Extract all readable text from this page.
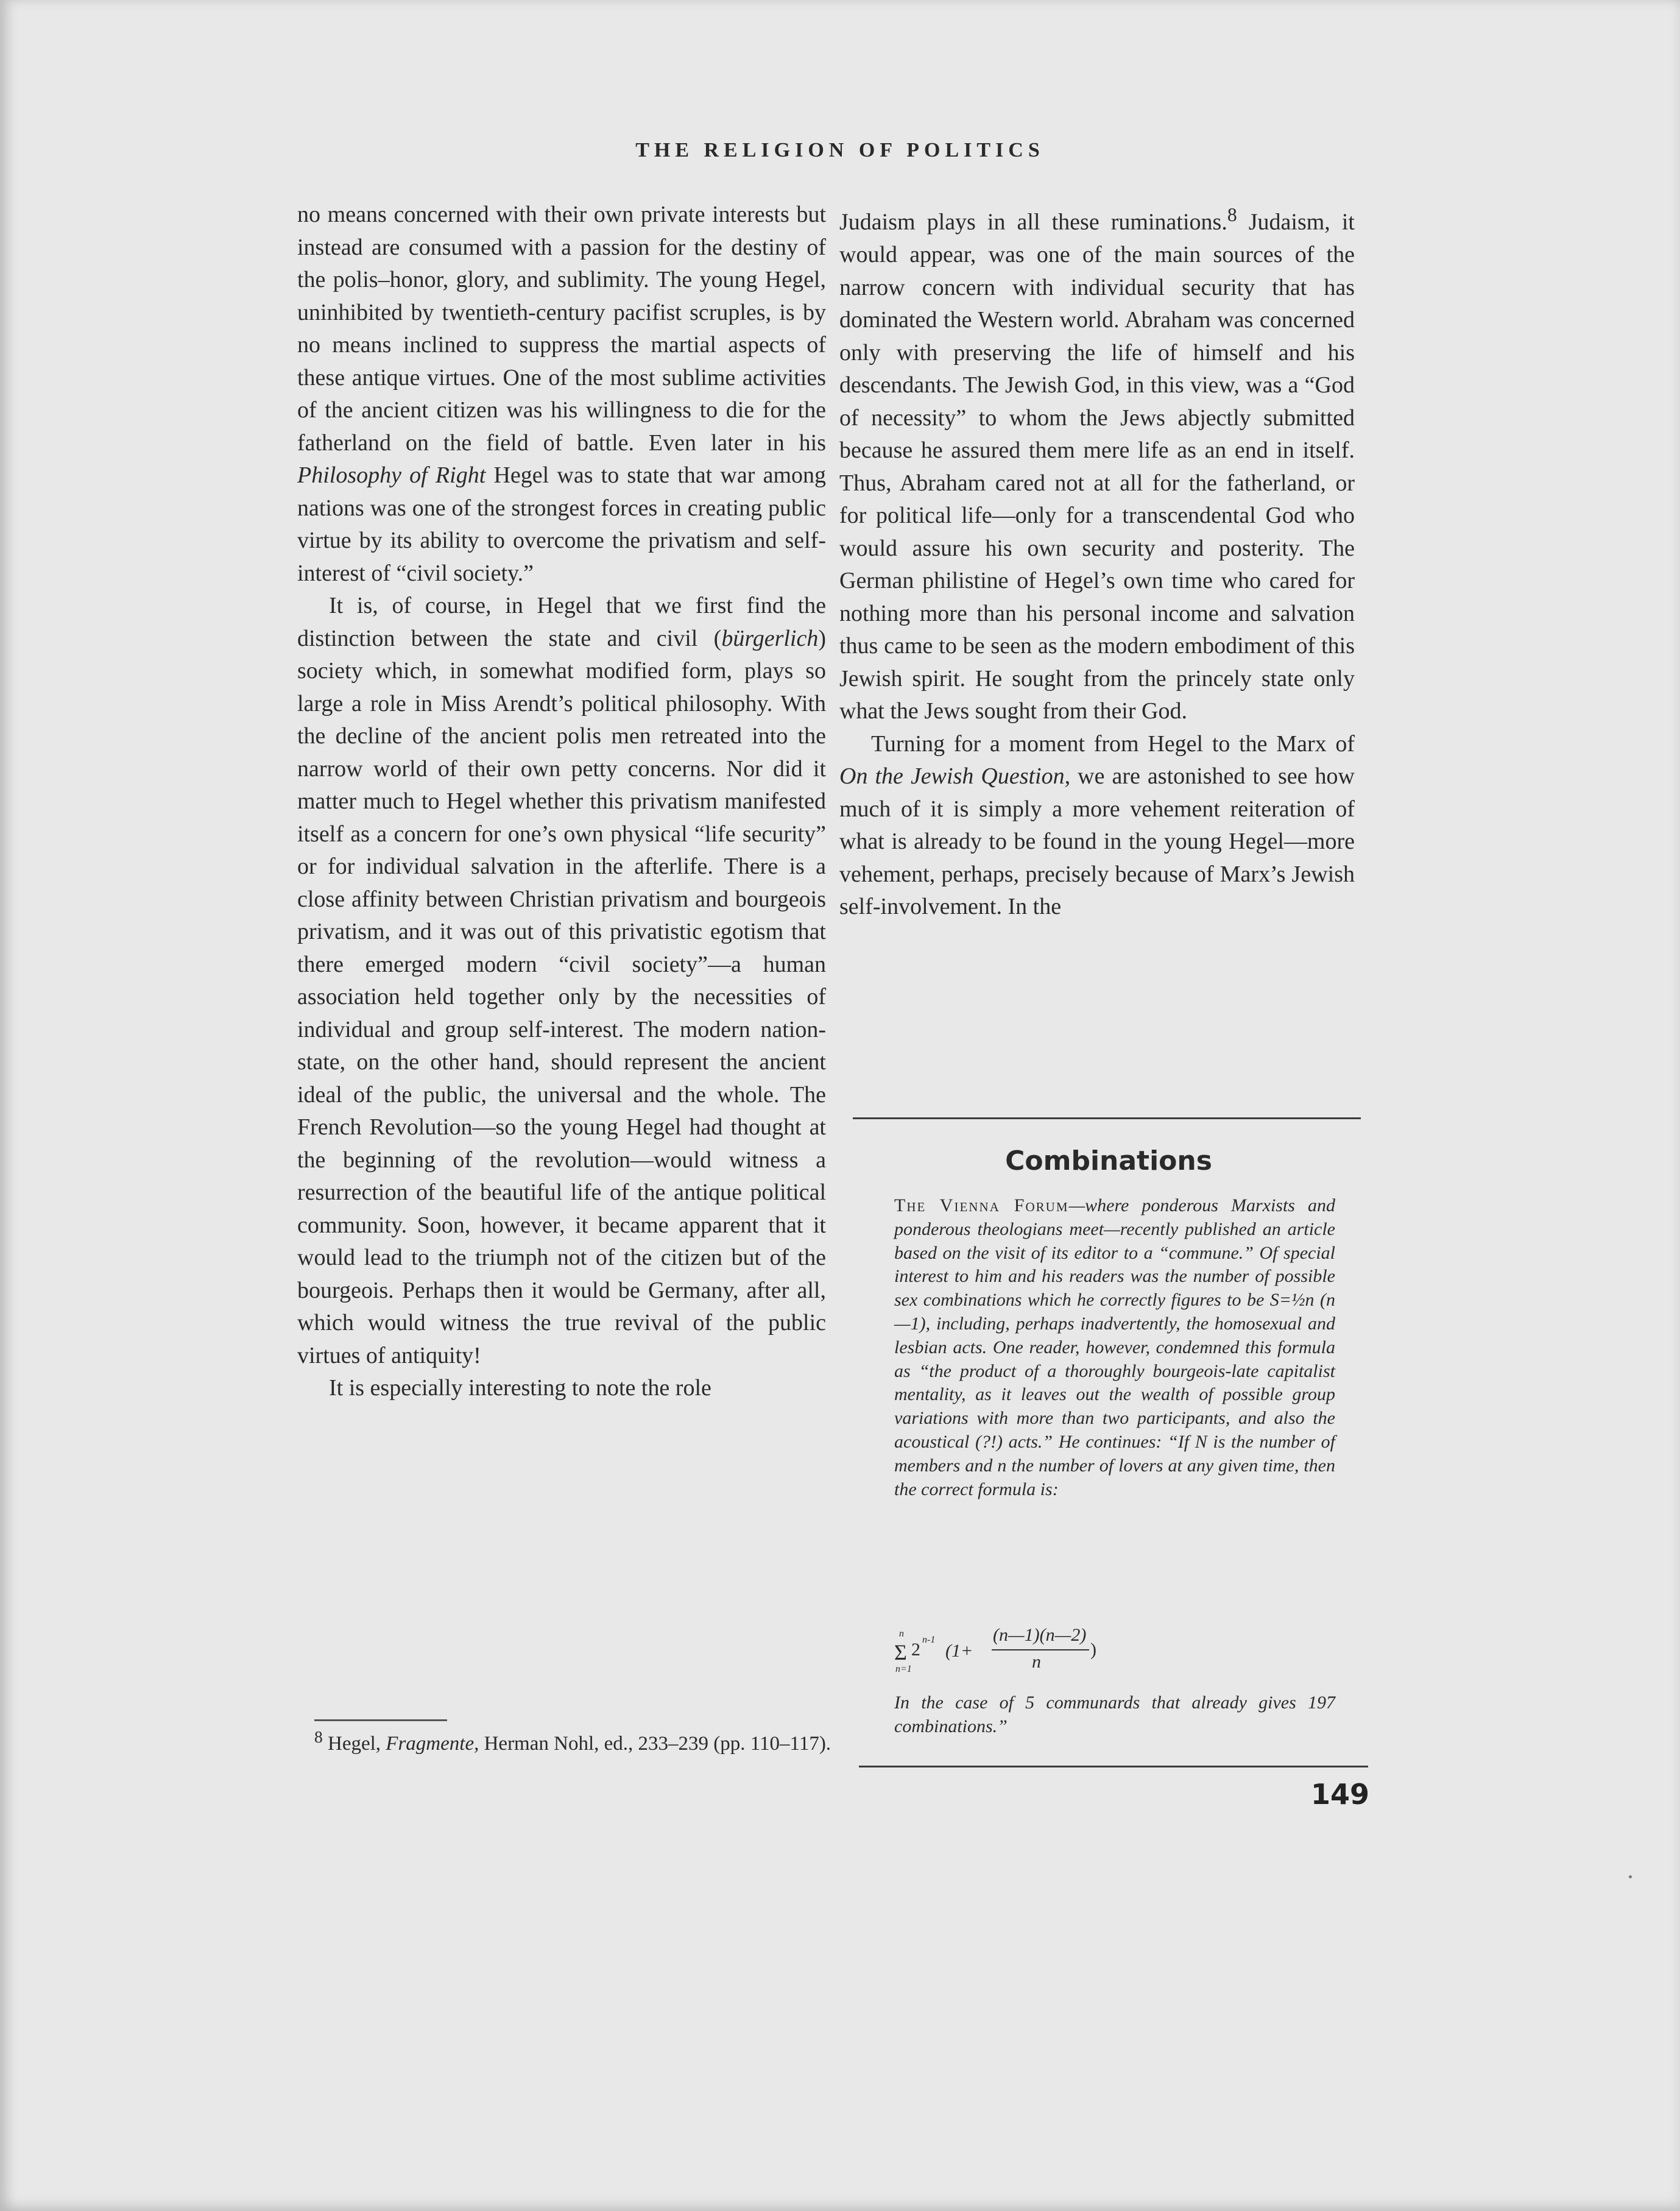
THE RELIGION OF POLITICS

no means concerned with their own private interests but instead are consumed with a passion for the destiny of the polis–honor, glory, and sublimity. The young Hegel, uninhibited by twentieth-century pacifist scruples, is by no means inclined to suppress the martial aspects of these antique virtues. One of the most sublime activities of the ancient citizen was his willingness to die for the fatherland on the field of battle. Even later in his Philosophy of Right Hegel was to state that war among nations was one of the strongest forces in creating public virtue by its ability to overcome the privatism and self-interest of “civil society.”

It is, of course, in Hegel that we first find the distinction between the state and civil (bürgerlich) society which, in somewhat modified form, plays so large a role in Miss Arendt’s political philosophy. With the decline of the ancient polis men retreated into the narrow world of their own petty concerns. Nor did it matter much to Hegel whether this privatism manifested itself as a concern for one’s own physical “life security” or for individual salvation in the afterlife. There is a close affinity between Christian privatism and bourgeois privatism, and it was out of this privatistic egotism that there emerged modern “civil society”—a human association held together only by the necessities of individual and group self-interest. The modern nation-state, on the other hand, should represent the ancient ideal of the public, the universal and the whole. The French Revolution—so the young Hegel had thought at the beginning of the revolution—would witness a resurrection of the beautiful life of the antique political community. Soon, however, it became apparent that it would lead to the triumph not of the citizen but of the bourgeois. Perhaps then it would be Germany, after all, which would witness the true revival of the public virtues of antiquity!

It is especially interesting to note the role

$^8$ Hegel, Fragmente, Herman Nohl, ed., 233–239 (pp. 110–117).

Judaism plays in all these ruminations.$^8$ Judaism, it would appear, was one of the main sources of the narrow concern with individual security that has dominated the Western world. Abraham was concerned only with preserving the life of himself and his descendants. The Jewish God, in this view, was a “God of necessity” to whom the Jews abjectly submitted because he assured them mere life as an end in itself. Thus, Abraham cared not at all for the fatherland, or for political life—only for a transcendental God who would assure his own security and posterity. The German philistine of Hegel’s own time who cared for nothing more than his personal income and salvation thus came to be seen as the modern embodiment of this Jewish spirit. He sought from the princely state only what the Jews sought from their God.

Turning for a moment from Hegel to the Marx of On the Jewish Question, we are astonished to see how much of it is simply a more vehement reiteration of what is already to be found in the young Hegel—more vehement, perhaps, precisely because of Marx’s Jewish self-involvement. In the

Combinations
The Vienna Forum—where ponderous Marxists and ponderous theologians meet—recently published an article based on the visit of its editor to a “commune.” Of special interest to him and his readers was the number of possible sex combinations which he correctly figures to be S=½n (n—1), including, perhaps inadvertently, the homosexual and lesbian acts. One reader, however, condemned this formula as “the product of a thoroughly bourgeois-late capitalist mentality, as it leaves out the wealth of possible group variations with more than two participants, and also the acoustical (?!) acts.” He continues: “If N is the number of members and n the number of lovers at any given time, then the correct formula is:
n
Σ
n=1
2 n-1
(1+
(n—1)(n—2)
n
)
In the case of 5 communards that already gives 197 combinations.”
149
